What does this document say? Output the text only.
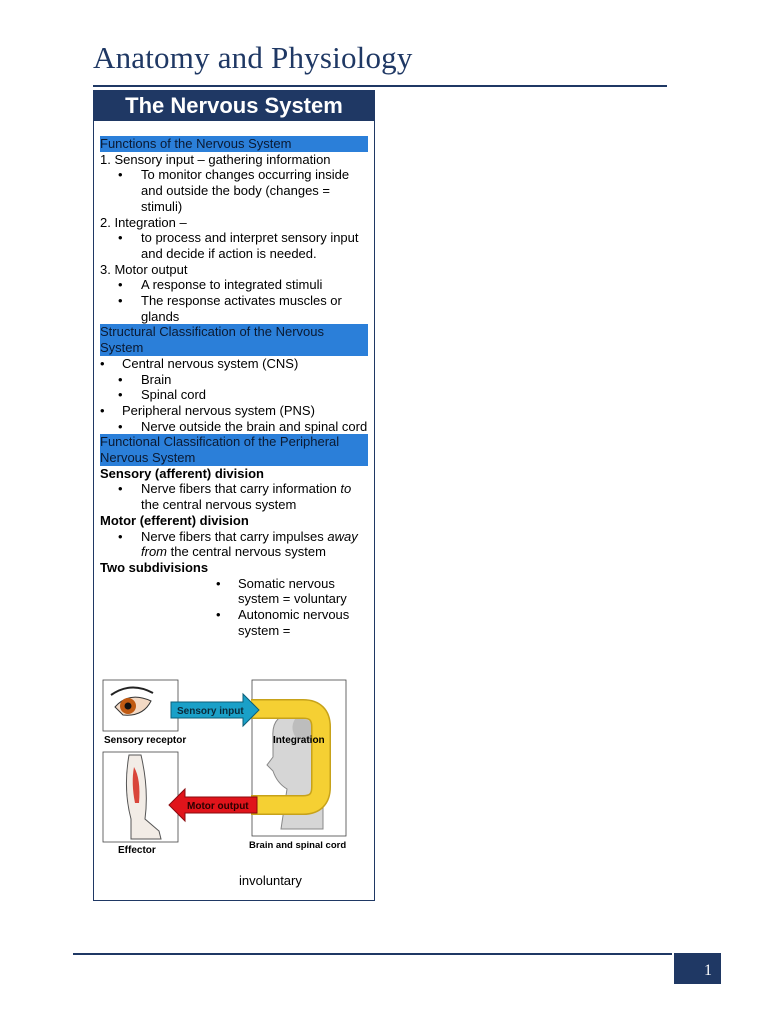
Anatomy and Physiology
The Nervous System
Functions of the Nervous System

1. Sensory input – gathering information

• To monitor changes occurring inside and outside the body (changes = stimuli)

2. Integration –

• to process and interpret sensory input and decide if action is needed.

3. Motor output

• A response to integrated stimuli
• The response activates muscles or glands
Structural Classification of the Nervous System
• Central nervous system (CNS)
• Brain
• Spinal cord
• Peripheral nervous system (PNS)
• Nerve outside the brain and spinal cord
Functional Classification of the Peripheral Nervous System

Sensory (afferent) division

• Nerve fibers that carry information to the central nervous system

Motor (efferent) division

• Nerve fibers that carry impulses away from the central nervous system

Two subdivisions

• Somatic nervous system = voluntary
• Autonomic nervous system =
Sensory receptor
Effector
Integration
Brain and spinal cord
Sensory input
Motor output
involuntary
1
